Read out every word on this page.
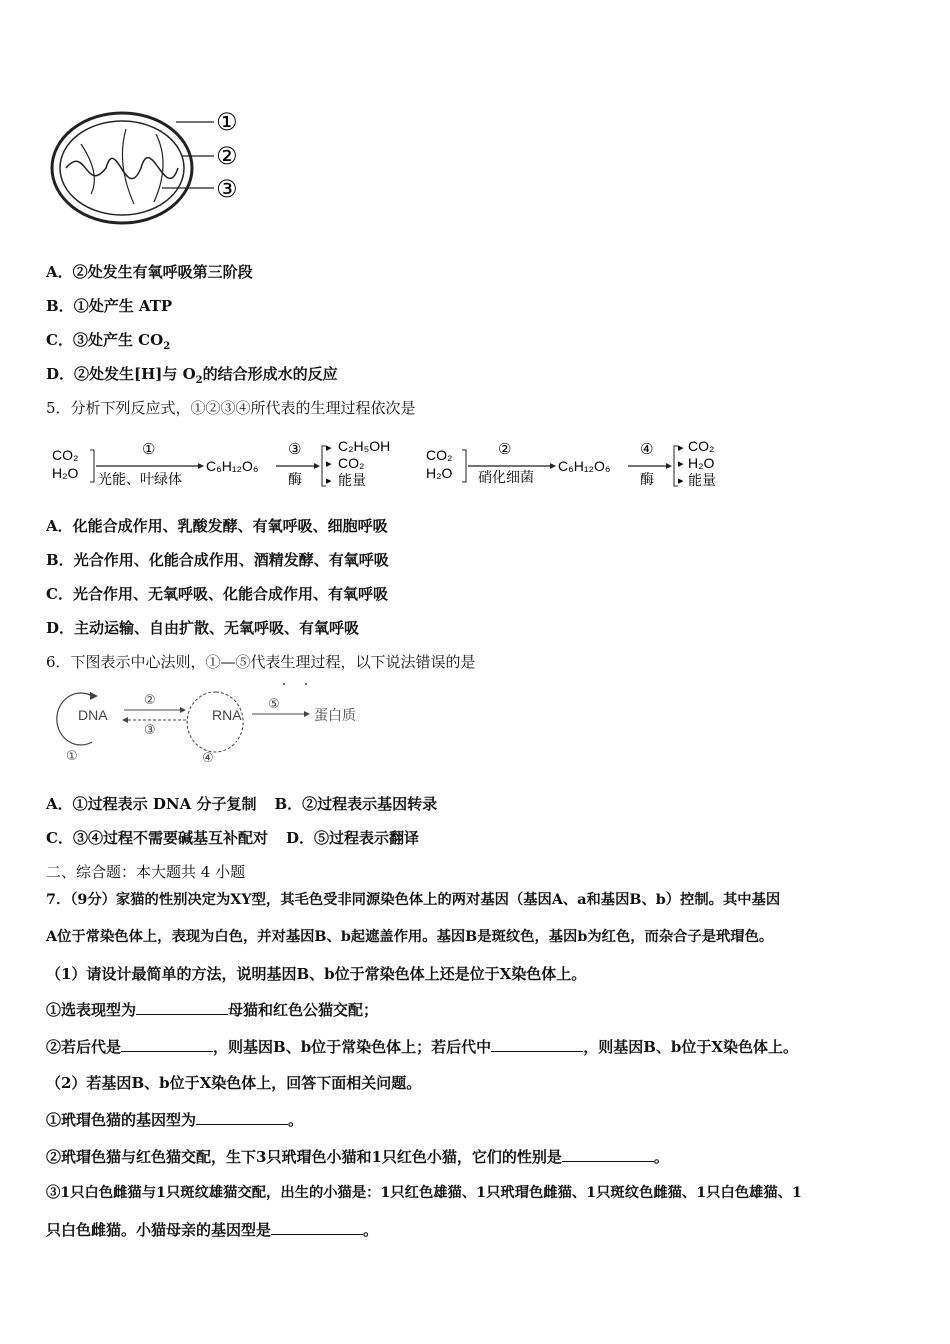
①
②
③
A．②处发生有氧呼吸第三阶段
B．①处产生 ATP
C．③处产生 $CO_2$
D．②处发生[H]与 $O_2$的结合形成水的反应
5．分析下列反应式，①②③④所代表的生理过程依次是
CO₂
H₂O
①
光能、叶绿体
C₆H₁₂O₆
③
酶
▸
▸
▸
C₂H₅OH
CO₂
能量
CO₂
H₂O
②
硝化细菌
C₆H₁₂O₆
④
酶
▸
▸
▸
CO₂
H₂O
能量
A．化能合成作用、乳酸发酵、有氧呼吸、细胞呼吸
B．光合作用、化能合成作用、酒精发酵、有氧呼吸
C．光合作用、无氧呼吸、化能合成作用、有氧呼吸
D．主动运输、自由扩散、无氧呼吸、有氧呼吸
6．下图表示中心法则，①—⑤代表生理过程，以下说法错误的是
DNA
①
②
③
RNA
④
⑤
蛋白质
A．①过程表示 DNA 分子复制 B．②过程表示基因转录
C．③④过程不需要碱基互补配对 D．⑤过程表示翻译
二、综合题：本大题共 4 小题
7．（9分）家猫的性别决定为XY型，其毛色受非同源染色体上的两对基因（基因A、a和基因B、b）控制。其中基因
A位于常染色体上，表现为白色，并对基因B、b起遮盖作用。基因B是斑纹色，基因b为红色，而杂合子是玳瑁色。
（1）请设计最简单的方法，说明基因B、b位于常染色体上还是位于X染色体上。
①选表现型为	母猫和红色公猫交配；
②若后代是	，则基因B、b位于常染色体上；若后代中	，则基因B、b位于X染色体上。
（2）若基因B、b位于X染色体上，回答下面相关问题。
①玳瑁色猫的基因型为	。
②玳瑁色猫与红色猫交配，生下3只玳瑁色小猫和1只红色小猫，它们的性别是	。
③1只白色雌猫与1只斑纹雄猫交配，出生的小猫是：1只红色雄猫、1只玳瑁色雌猫、1只斑纹色雌猫、1只白色雄猫、1
只白色雌猫。小猫母亲的基因型是	。
